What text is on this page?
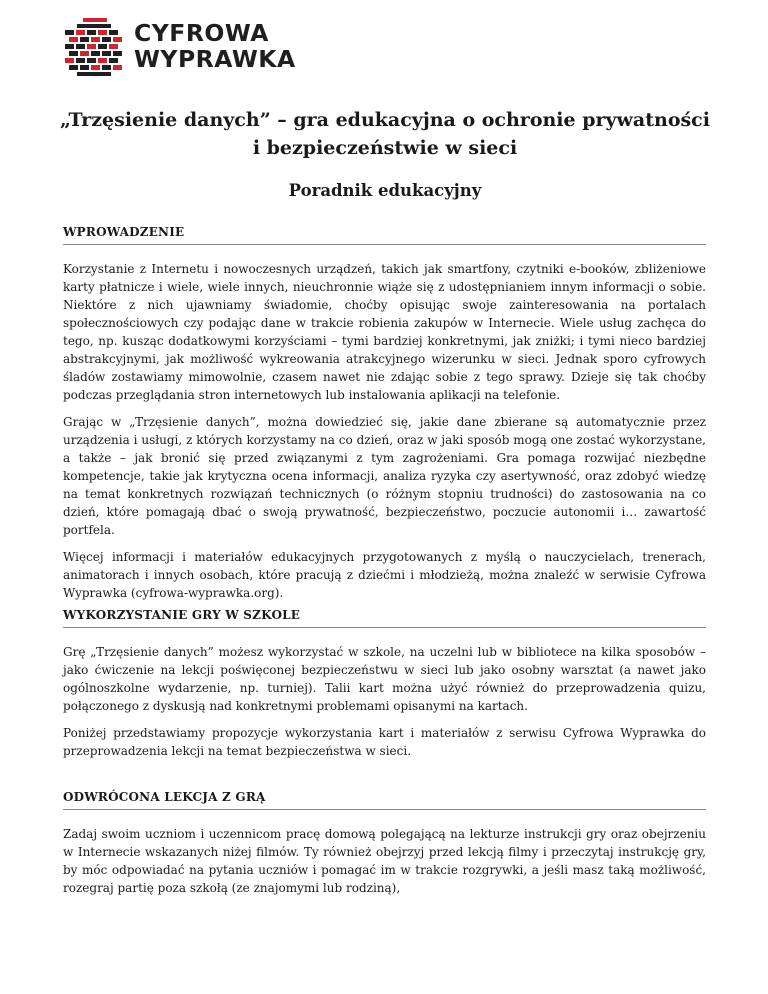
CYFROWA
WYPRAWKA
„Trzęsienie danych” – gra edukacyjna o ochronie prywatności
i bezpieczeństwie w sieci
Poradnik edukacyjny
WPROWADZENIE

Korzystanie z Internetu i nowoczesnych urządzeń, takich jak smartfony, czytniki e-booków, zbliżeniowe karty płatnicze i wiele, wiele innych, nieuchronnie wiąże się z udostępnianiem innym informacji o sobie. Niektóre z nich ujawniamy świadomie, choćby opisując swoje zainteresowania na portalach społecznościowych czy podając dane w trakcie robienia zakupów w Internecie. Wiele usług zachęca do tego, np. kusząc dodatkowymi korzyściami – tymi bardziej konkretnymi, jak zniżki; i tymi nieco bardziej abstrakcyjnymi, jak możliwość wykreowania atrakcyjnego wizerunku w sieci. Jednak sporo cyfrowych śladów zostawiamy mimowolnie, czasem nawet nie zdając sobie z tego sprawy. Dzieje się tak choćby podczas przeglądania stron internetowych lub instalowania aplikacji na telefonie.

Grając w „Trzęsienie danych”, można dowiedzieć się, jakie dane zbierane są automatycznie przez urządzenia i usługi, z których korzystamy na co dzień, oraz w jaki sposób mogą one zostać wykorzystane, a także – jak bronić się przed związanymi z tym zagrożeniami. Gra pomaga rozwijać niezbędne kompetencje, takie jak krytyczna ocena informacji, analiza ryzyka czy asertywność, oraz zdobyć wiedzę na temat konkretnych rozwiązań technicznych (o różnym stopniu trudności) do zastosowania na co dzień, które pomagają dbać o swoją prywatność, bezpieczeństwo, poczucie autonomii i… zawartość portfela.

Więcej informacji i materiałów edukacyjnych przygotowanych z myślą o nauczycielach, trenerach, animatorach i innych osobach, które pracują z dziećmi i młodzieżą, można znaleźć w serwisie Cyfrowa Wyprawka (cyfrowa-wyprawka.org).

WYKORZYSTANIE GRY W SZKOLE

Grę „Trzęsienie danych” możesz wykorzystać w szkole, na uczelni lub w bibliotece na kilka sposobów – jako ćwiczenie na lekcji poświęconej bezpieczeństwu w sieci lub jako osobny warsztat (a nawet jako ogólnoszkolne wydarzenie, np. turniej). Talii kart można użyć również do przeprowadzenia quizu, połączonego z dyskusją nad konkretnymi problemami opisanymi na kartach.

Poniżej przedstawiamy propozycje wykorzystania kart i materiałów z serwisu Cyfrowa Wyprawka do przeprowadzenia lekcji na temat bezpieczeństwa w sieci.

ODWRÓCONA LEKCJA Z GRĄ

Zadaj swoim uczniom i uczennicom pracę domową polegającą na lekturze instrukcji gry oraz obejrzeniu w Internecie wskazanych niżej filmów. Ty również obejrzyj przed lekcją filmy i przeczytaj instrukcję gry, by móc odpowiadać na pytania uczniów i pomagać im w trakcie rozgrywki, a jeśli masz taką możliwość, rozegraj partię poza szkołą (ze znajomymi lub rodziną),
